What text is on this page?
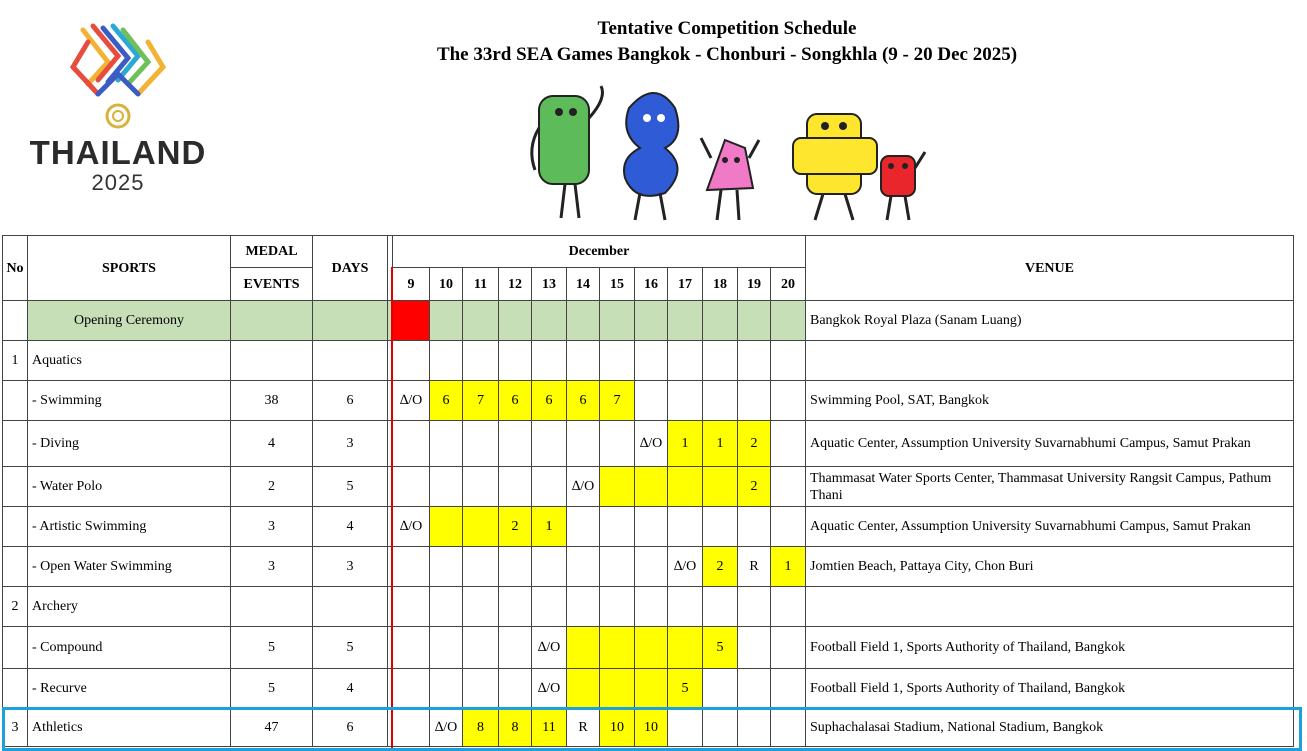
THAILAND
2025
Tentative Competition Schedule
The 33rd SEA Games Bangkok - Chonburi - Songkhla (9 - 20 Dec 2025)
No	SPORTS	MEDAL	DAYS		December												VENUE
		EVENTS			9	10	11	12	13	14	15	16	17	18	19	20	
	Opening Ceremony																Bangkok Royal Plaza (Sanam Luang)
1	Aquatics																
	- Swimming	38	6		∆/O	6	7	6	6	6	7						Swimming Pool, SAT, Bangkok
	- Diving	4	3									∆/O	1	1	2		Aquatic Center, Assumption University Suvarnabhumi Campus, Samut Prakan
	- Water Polo	2	5							∆/O					2		Thammasat Water Sports Center, Thammasat University Rangsit Campus, Pathum Thani
	- Artistic Swimming	3	4		∆/O			2	1								Aquatic Center, Assumption University Suvarnabhumi Campus, Samut Prakan
	- Open Water Swimming	3	3										∆/O	2	R	1	Jomtien Beach, Pattaya City, Chon Buri
2	Archery																
	- Compound	5	5						∆/O					5			Football Field 1, Sports Authority of Thailand, Bangkok
	- Recurve	5	4						∆/O				5				Football Field 1, Sports Authority of Thailand, Bangkok
3	Athletics	47	6			∆/O	8	8	11	R	10	10					Suphachalasai Stadium, National Stadium, Bangkok
